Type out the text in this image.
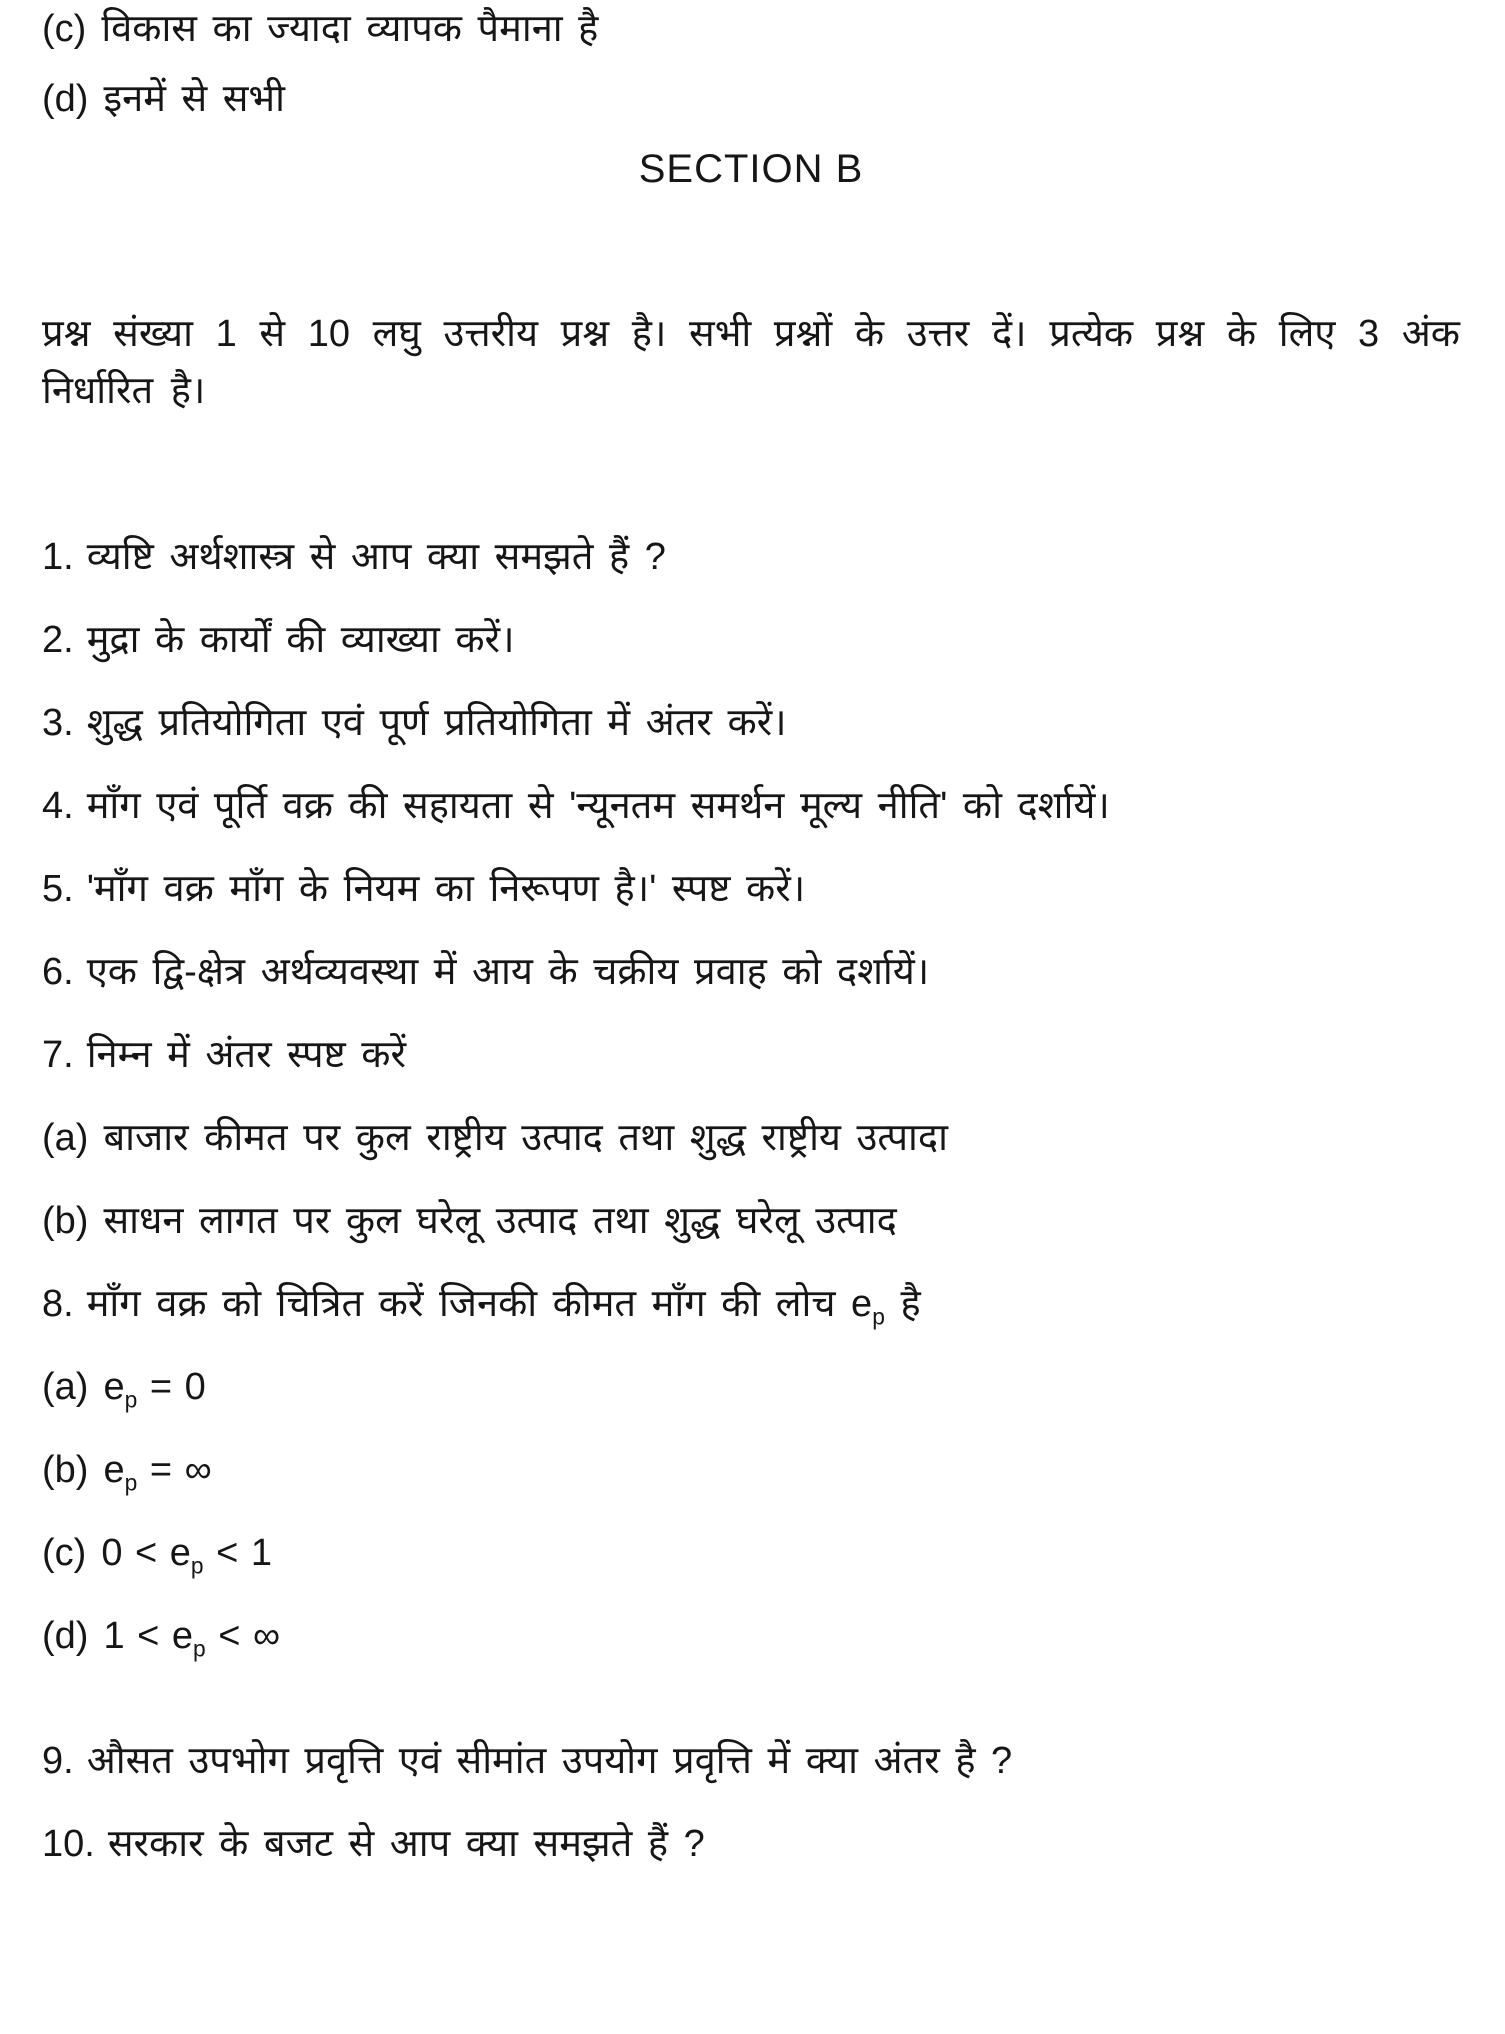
(c) विकास का ज्यादा व्यापक पैमाना है
(d) इनमें से सभी
SECTION B

प्रश्न संख्या 1 से 10 लघु उत्तरीय प्रश्न है। सभी प्रश्नों के उत्तर दें। प्रत्येक प्रश्न के लिए 3 अंक निर्धारित है।

1. व्यष्टि अर्थशास्त्र से आप क्या समझते हैं ?
2. मुद्रा के कार्यों की व्याख्या करें।
3. शुद्ध प्रतियोगिता एवं पूर्ण प्रतियोगिता में अंतर करें।
4. माँग एवं पूर्ति वक्र की सहायता से 'न्यूनतम समर्थन मूल्य नीति' को दर्शायें।
5. 'माँग वक्र माँग के नियम का निरूपण है।' स्पष्ट करें।
6. एक द्वि-क्षेत्र अर्थव्यवस्था में आय के चक्रीय प्रवाह को दर्शायें।
7. निम्न में अंतर स्पष्ट करें
(a) बाजार कीमत पर कुल राष्ट्रीय उत्पाद तथा शुद्ध राष्ट्रीय उत्पादा
(b) साधन लागत पर कुल घरेलू उत्पाद तथा शुद्ध घरेलू उत्पाद
8. माँग वक्र को चित्रित करें जिनकी कीमत माँग की लोच $e_p$ है
(a) $e_p = 0$
(b) $e_p$ = ∞
(c) $0 < e_p < 1$
(d) $1 < e_p$ < ∞
9. औसत उपभोग प्रवृत्ति एवं सीमांत उपयोग प्रवृत्ति में क्या अंतर है ?
10. सरकार के बजट से आप क्या समझते हैं ?
